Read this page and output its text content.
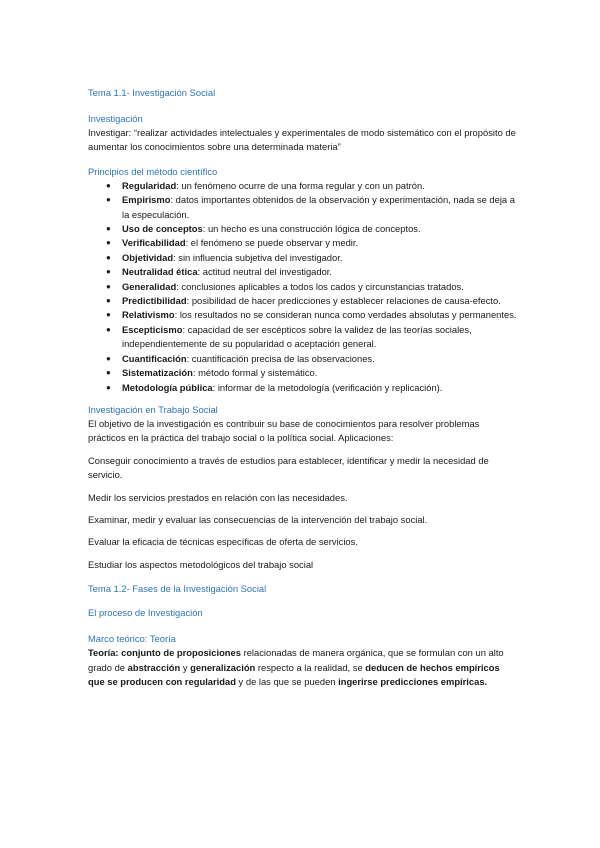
Tema 1.1- Investigación Social
Investigación

Investigar: “realizar actividades intelectuales y experimentales de modo sistemático con el propósito de aumentar los conocimientos sobre una determinada materia”

Principios del método científico
● Regularidad: un fenómeno ocurre de una forma regular y con un patrón.
● Empirismo: datos importantes obtenidos de la observación y experimentación, nada se deja a la especulación.
● Uso de conceptos: un hecho es una construcción lógica de conceptos.
● Verificabilidad: el fenómeno se puede observar y medir.
● Objetividad: sin influencia subjetiva del investigador.
● Neutralidad ética: actitud neutral del investigador.
● Generalidad: conclusiones aplicables a todos los cados y circunstancias tratados.
● Predictibilidad: posibilidad de hacer predicciones y establecer relaciones de causa-efecto.
● Relativismo: los resultados no se consideran nunca como verdades absolutas y permanentes.
● Escepticismo: capacidad de ser escépticos sobre la validez de las teorías sociales, independientemente de su popularidad o aceptación general.
● Cuantificación: cuantificación precisa de las observaciones.
● Sistematización: método formal y sistemático.
● Metodología pública: informar de la metodología (verificación y replicación).
Investigación en Trabajo Social

El objetivo de la investigación es contribuir su base de conocimientos para resolver problemas prácticos en la práctica del trabajo social o la política social. Aplicaciones:

Conseguir conocimiento a través de estudios para establecer, identificar y medir la necesidad de servicio.

Medir los servicios prestados en relación con las necesidades.

Examinar, medir y evaluar las consecuencias de la intervención del trabajo social.

Evaluar la eficacia de técnicas específicas de oferta de servicios.

Estudiar los aspectos metodológicos del trabajo social

Tema 1.2- Fases de la Investigación Social
El proceso de Investigación
Marco teórico: Teoría

Teoría: conjunto de proposiciones relacionadas de manera orgánica, que se formulan con un alto grado de abstracción y generalización respecto a la realidad, se deducen de hechos empíricos que se producen con regularidad y de las que se pueden ingerirse predicciones empíricas.
